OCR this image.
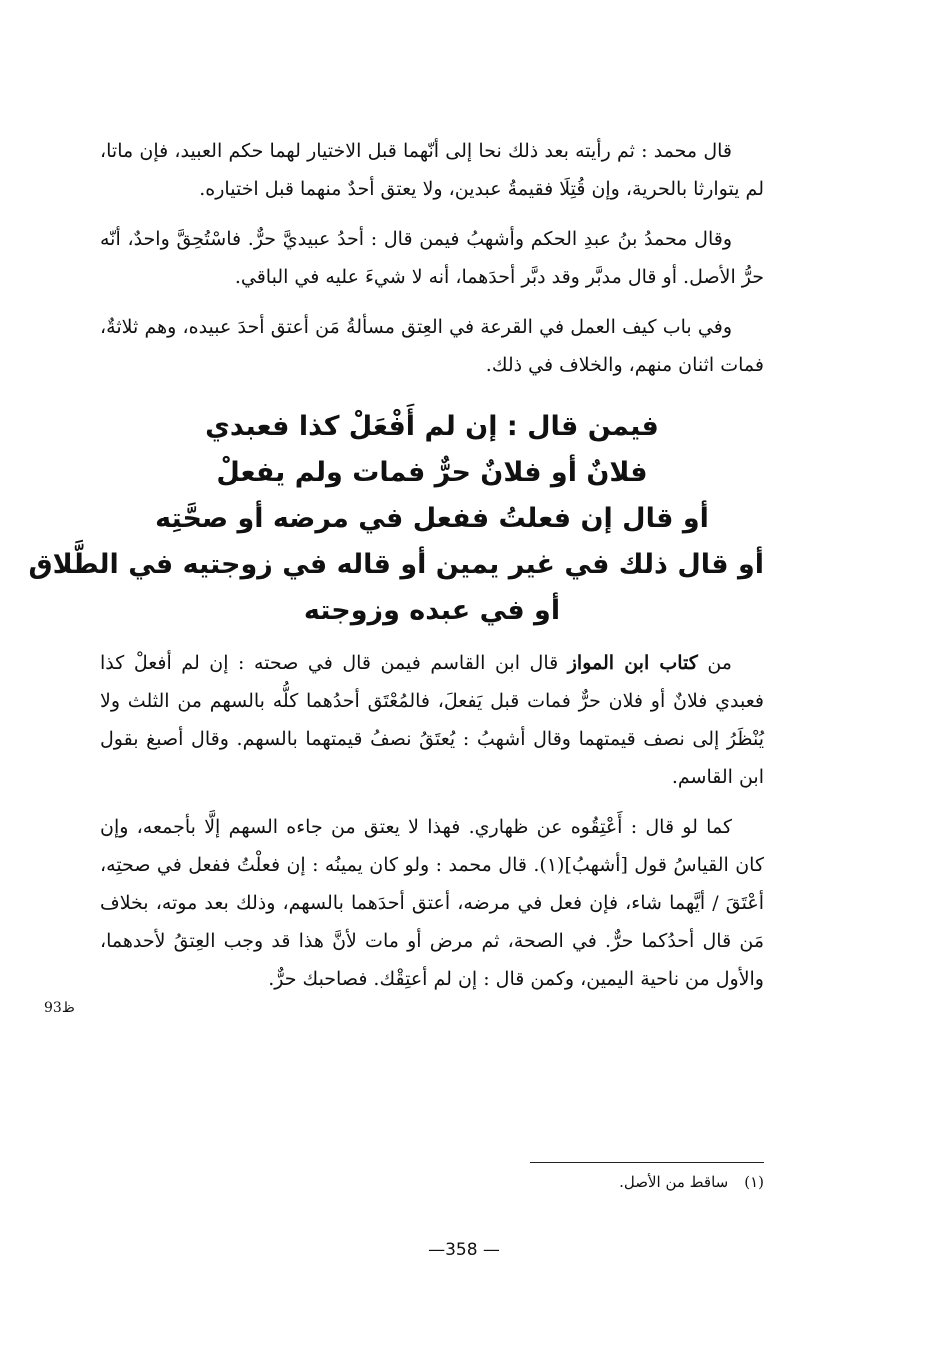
قال محمد : ثم رأيته بعد ذلك نحا إلى أنّهما قبل الاختيار لهما حكم العبيد، فإن ماتا، لم يتوارثا بالحرية، وإن قُتِلَا فقيمةُ عبدين، ولا يعتق أحدٌ منهما قبل اختياره.

وقال محمدُ بنُ عبدِ الحكم وأشهبُ فيمن قال : أحدُ عبيديَّ حرٌّ. فاسْتُحِقَّ واحدٌ، أنّه حرُّ الأصل. أو قال مدبَّر وقد دبَّر أحدَهما، أنه لا شيءَ عليه في الباقي.

وفي باب كيف العمل في القرعة في العِتق مسألةُ مَن أعتق أحدَ عبيده، وهم ثلاثةٌ، فمات اثنان منهم، والخلاف في ذلك.

فيمن قال : إن لم أَفْعَلْ كذا فعبدي
فلانٌ أو فلانٌ حرٌّ فمات ولم يفعلْ
أو قال إن فعلتُ ففعل في مرضه أو صحَّتِه
أو قال ذلك في غير يمين أو قاله في زوجتيه في الطَّلاق
أو في عبده وزوجته

من كتاب ابن المواز قال ابن القاسم فيمن قال في صحته : إن لم أفعلْ كذا فعبدي فلانٌ أو فلان حرٌّ فمات قبل يَفعلَ، فالمُعْتَق أحدُهما كلُّه بالسهم من الثلث ولا يُنْظَرُ إلى نصف قيمتهما وقال أشهبُ : يُعتَقُ نصفُ قيمتهما بالسهم. وقال أصبغ بقول ابن القاسم.

كما لو قال : أَعْتِقُوه عن ظهاري. فهذا لا يعتق من جاءه السهم إلَّا بأجمعه، وإن كان القياسُ قول [أشهبُ](١). قال محمد : ولو كان يمينُه : إن فعلْتُ ففعل في صحتِه، أعْتَقَ / أيَّهما شاء، فإن فعل في مرضه، أعتق أحدَهما بالسهم، وذلك بعد موته، بخلاف مَن قال أحدُكما حرٌّ. في الصحة، ثم مرض أو مات لأنَّ هذا قد وجب العِتقُ لأحدهما، والأول من ناحية اليمين، وكمن قال : إن لم أعتِقْك. فصاحبك حرٌّ.

93ظ
(١)ساقط من الأصل.
—358 —
